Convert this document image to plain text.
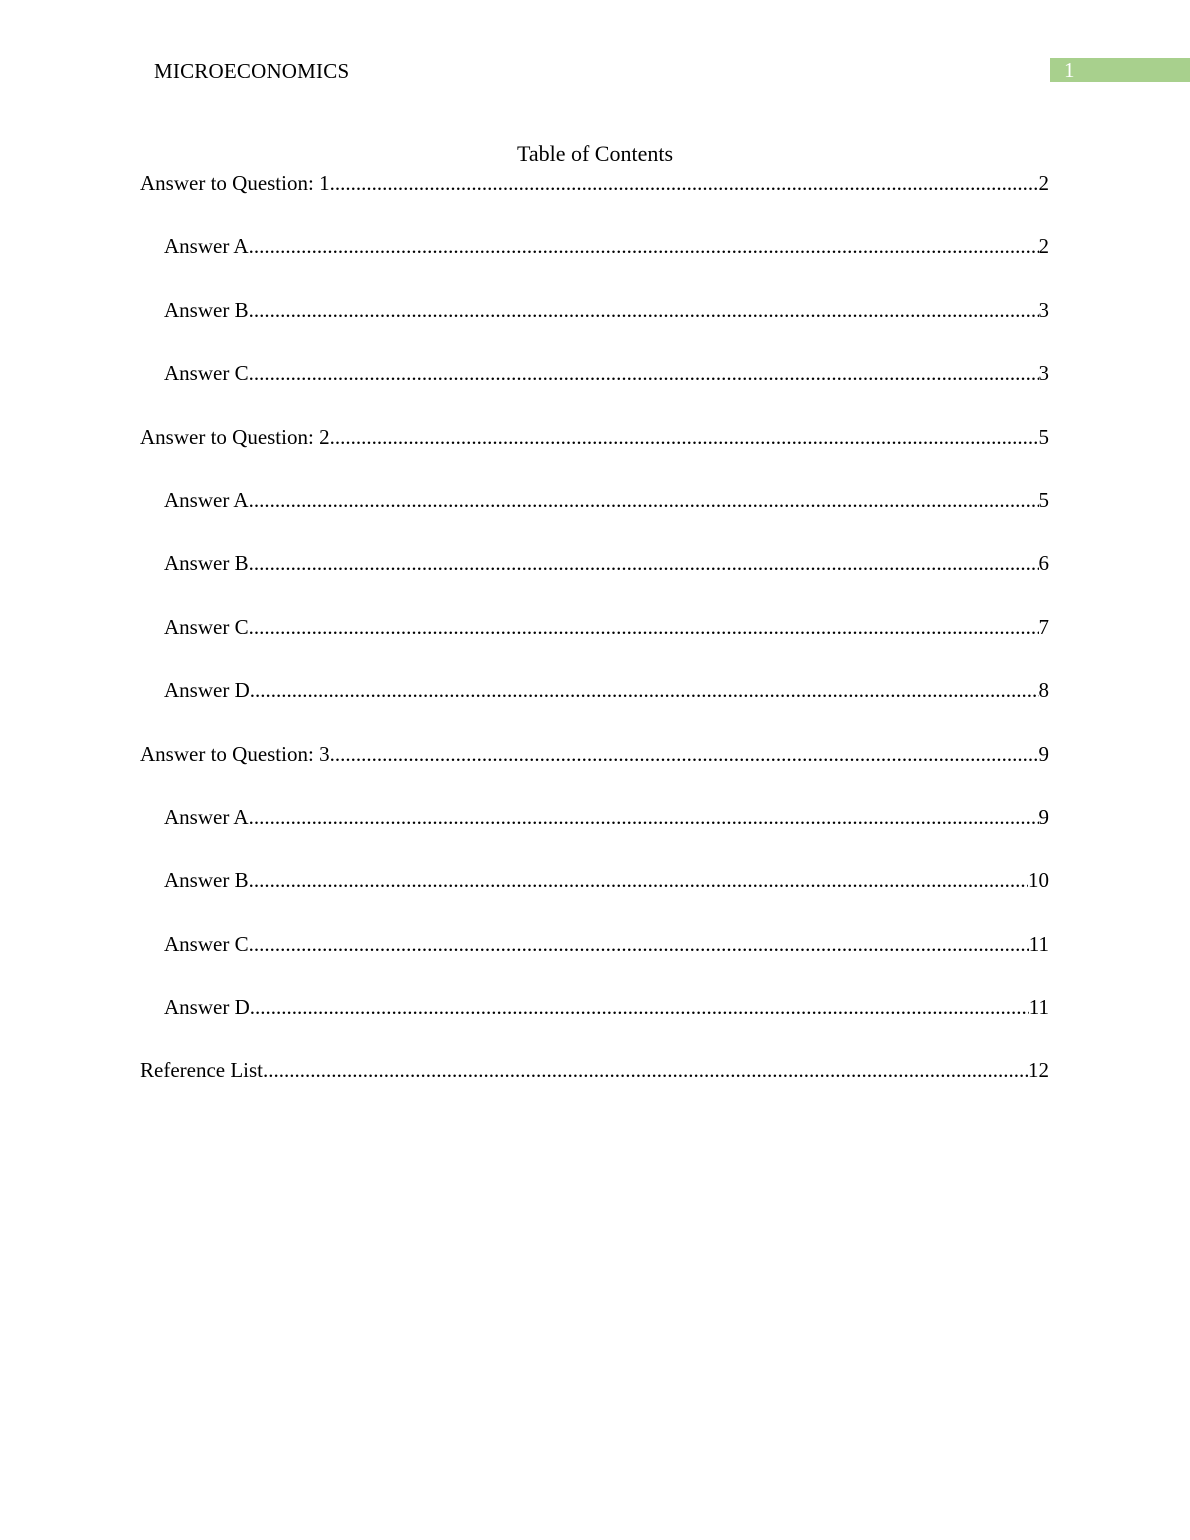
MICROECONOMICS	1
Table of Contents
Answer to Question: 1 .....	2
Answer A .....	2
Answer B .....	3
Answer C .....	3
Answer to Question: 2 .....	5
Answer A .....	5
Answer B .....	6
Answer C .....	7
Answer D .....	8
Answer to Question: 3 .....	9
Answer A .....	9
Answer B .....	10
Answer C .....	11
Answer D .....	11
Reference List .....	12
